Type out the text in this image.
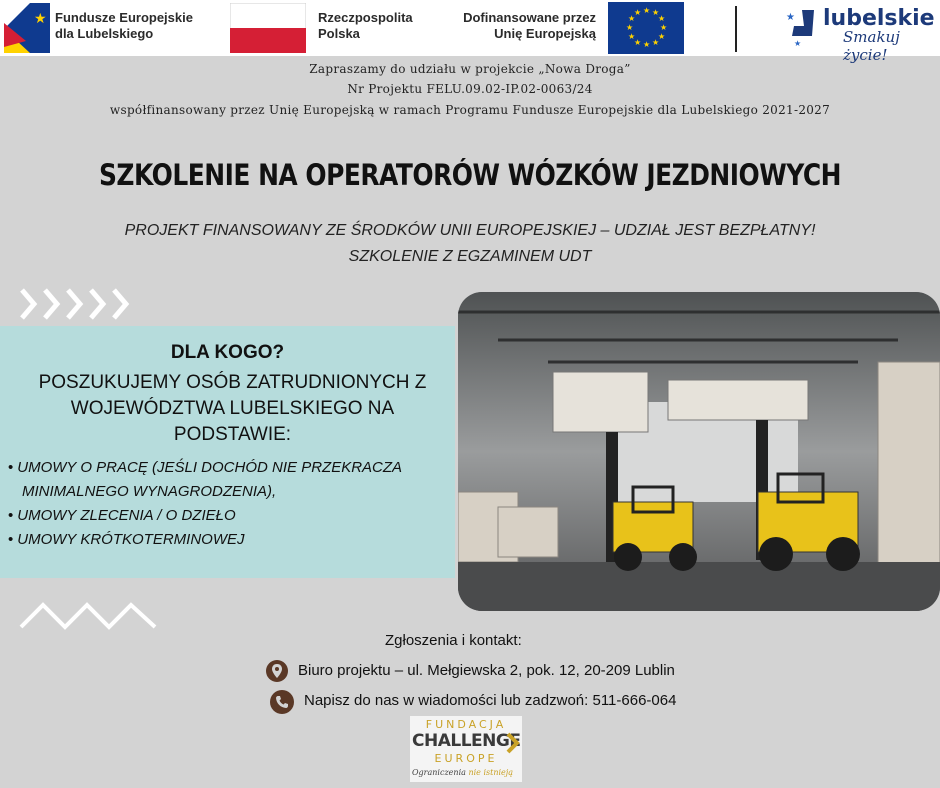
★ Fundusze Europejskie
dla Lubelskiego
Rzeczpospolita
Polska
Dofinansowane przez
Unię Europejską
★ ★
★
★
★
★
★
★
★
★
★
★	★
★
lubelskie
Smakuj życie!
Zapraszamy do udziału w projekcie „Nowa Droga”
Nr Projektu FELU.09.02-IP.02-0063/24
współfinansowany przez Unię Europejską w ramach Programu Fundusze Europejskie dla Lubelskiego 2021-2027
SZKOLENIE NA OPERATORÓW WÓZKÓW JEZDNIOWYCH
PROJEKT FINANSOWANY ZE ŚRODKÓW UNII EUROPEJSKIEJ – UDZIAŁ JEST BEZPŁATNY!
SZKOLENIE Z EGZAMINEM UDT
DLA KOGO?
POSZUKUJEMY OSÓB ZATRUDNIONYCH Z
WOJEWÓDZTWA LUBELSKIEGO NA
PODSTAWIE:
• UMOWY O PRACĘ (JEŚLI DOCHÓD NIE PRZEKRACZA
MINIMALNEGO WYNAGRODZENIA),
• UMOWY ZLECENIA / O DZIEŁO
• UMOWY KRÓTKOTERMINOWEJ
Zgłoszenia i kontakt:
Biuro projektu – ul. Mełgiewska 2, pok. 12, 20-209 Lublin
Napisz do nas w wiadomości lub zadzwoń: 511-666-064
FUNDACJA
CHALLENGE
EUROPE
Ograniczenia nie istnieją
